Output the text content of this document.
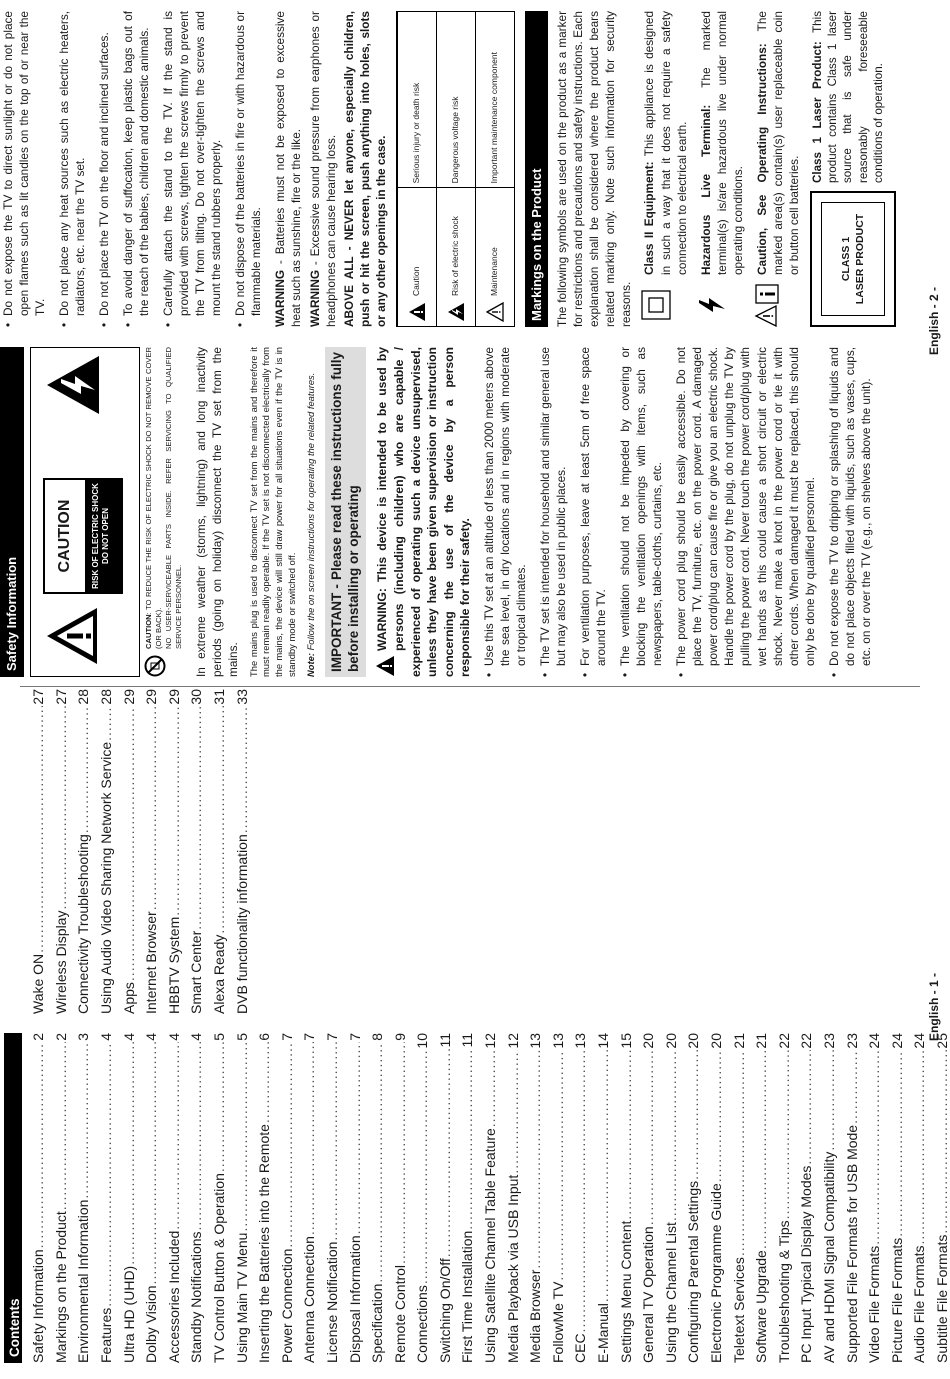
Contents Safety Information
.....
2
Markings on the Product
.....
2
Environmental Information
.....
3
Features
.....
4
Ultra HD (UHD)
.....
4
Dolby Vision
.....
4
Accessories Included
.....
4
Standby Notifications
.....
4
TV Control Button & Operation
.....
5
Using Main TV Menu
.....
5
Inserting the Batteries into the Remote
.....
6
Power Connection
.....
7
Antenna Connection
.....
7
License Notification
.....
7
Disposal Information
.....
7
Specification
.....
8
Remote Control
.....
9
Connections
.....
10
Switching On/Off
.....
11
First Time Installation
.....
11
Using Satellite Channel Table Feature
.....
12
Media Playback via USB Input
.....
12
Media Browser
.....
13
FollowMe TV
.....
13
CEC
.....
13
E-Manual
.....
14
Settings Menu Content
.....
15
General TV Operation
.....
20
Using the Channel List
.....
20
Configuring Parental Settings
.....
20
Electronic Programme Guide
.....
20
Teletext Services
.....
21
Software Upgrade
.....
21
Troubleshooting & Tips
.....
22
PC Input Typical Display Modes
.....
22
AV and HDMI Signal Compatibility
.....
23
Supported File Formats for USB Mode
.....
23
Video File Formats
.....
24
Picture File Formats
.....
24
Audio File Formats
.....
24
Subtitle File Formats
.....
25
Wake ON
.....
27
Wireless Display
.....
27
Connectivity Troubleshooting
.....
28
Using Audio Video Sharing Network Service
.....
28
Apps
.....
29
Internet Browser
.....
29
HBBTV System
.....
29
Smart Center
.....
30
Alexa Ready
.....
31
DVB functionality information
.....
33
English - 1 -
Safety Information
CAUTION
RISK OF ELECTRIC SHOCK
DO NOT OPEN
CAUTION: TO REDUCE THE RISK OF ELECTRIC SHOCK DO NOT REMOVE COVER (OR BACK).
NO USER-SERVICEABLE PARTS INSIDE. REFER SERVICING TO QUALIFIED SERVICE PERSONNEL. In extreme weather (storms, lightning) and long inactivity periods (going on holiday) disconnect the TV set from the mains. The mains plug is used to disconnect TV set from the mains and therefore it must remain readily operable. If the TV set is not disconnected electrically from the mains, the device will still draw power for all situations even if the TV is in standby mode or switched off. Note: Follow the on screen instructions for operating the related features. IMPORTANT - Please read these instructions fully before installing or operating	WARNING: This device is intended to be used by persons (including children) who are capable / experienced of operating such a device unsupervised, unless they have been given supervision or instruction concerning the use of the device by a person responsible for their safety. • Use this TV set at an altitude of less than 2000 meters above the sea level, in dry locations and in regions with moderate or tropical climates. • The TV set is intended for household and similar general use but may also be used in public places. • For ventilation purposes, leave at least 5cm of free space around the TV. • The ventilation should not be impeded by covering or blocking the ventilation openings with items, such as newspapers, table-cloths, curtains, etc. • The power cord plug should be easily accessible. Do not place the TV, furniture, etc. on the power cord. A damaged power cord/plug can cause fire or give you an electric shock. Handle the power cord by the plug, do not unplug the TV by pulling the power cord. Never touch the power cord/plug with wet hands as this could cause a short circuit or electric shock. Never make a knot in the power cord or tie it with other cords. When damaged it must be replaced, this should only be done by qualified personnel. • Do not expose the TV to dripping or splashing of liquids and do not place objects filled with liquids, such as vases, cups, etc. on or over the TV (e.g., on shelves above the unit).

• Do not expose the TV to direct sunlight or do not place open flames such as lit candles on the top of or near the TV. • Do not place any heat sources such as electric heaters, radiators, etc. near the TV set. • Do not place the TV on the floor and inclined surfaces. • To avoid danger of suffocation, keep plastic bags out of the reach of the babies, children and domestic animals. • Carefully attach the stand to the TV. If the stand is provided with screws, tighten the screws firmly to prevent the TV from tilting. Do not over-tighten the screws and mount the stand rubbers properly. • Do not dispose of the batteries in fire or with hazardous or flammable materials. WARNING - Batteries must not be exposed to excessive heat such as sunshine, fire or the like. WARNING - Excessive sound pressure from earphones or headphones can cause hearing loss. ABOVE ALL - NEVER let anyone, especially children, push or hit the screen, push anything into holes, slots or any other openings in the case.	Caution	Serious injury or death risk

Risk of electric shock	Dangerous voltage risk

Maintenance	Important maintenance component
Markings on the Product The following symbols are used on the product as a marker for restrictions and precautions and safety instructions. Each explanation shall be considered where the product bears related marking only. Note such information for security reasons.

Class II Equipment: This appliance is designed in such a way that it does not require a safety connection to electrical earth. Hazardous Live Terminal: The marked terminal(s) is/are hazardous live under normal operating conditions. Caution, See Operating Instructions: The marked area(s) contain(s) user replaceable coin or button cell batteries.	CLASS 1 LASER PRODUCT
Class 1 Laser Product: This product contains Class 1 laser source that is safe under reasonably foreseeable conditions of operation.
English - 2 -
